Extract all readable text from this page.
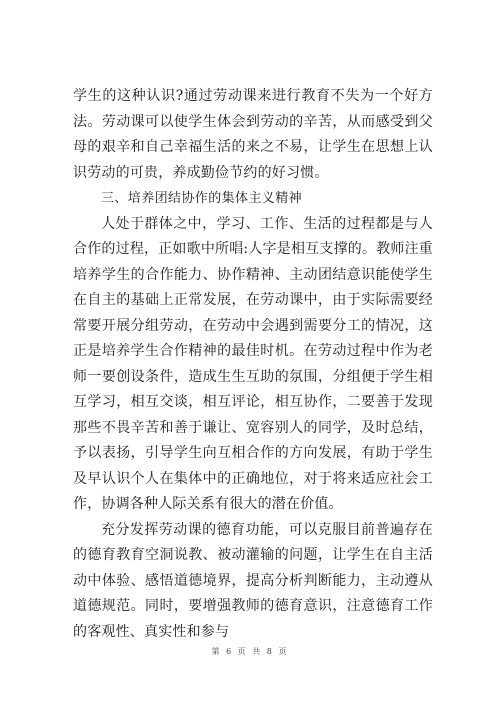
学生的这种认识?通过劳动课来进行教育不失为一个好方法。劳动课可以使学生体会到劳动的辛苦，从而感受到父母的艰辛和自己幸福生活的来之不易，让学生在思想上认识劳动的可贵，养成勤俭节约的好习惯。

三、培养团结协作的集体主义精神

人处于群体之中，学习、工作、生活的过程都是与人合作的过程，正如歌中所唱:人字是相互支撑的。教师注重培养学生的合作能力、协作精神、主动团结意识能使学生在自主的基础上正常发展，在劳动课中，由于实际需要经常要开展分组劳动，在劳动中会遇到需要分工的情况，这正是培养学生合作精神的最佳时机。在劳动过程中作为老师一要创设条件，造成生生互助的氛围，分组便于学生相互学习，相互交谈，相互评论，相互协作，二要善于发现那些不畏辛苦和善于谦让、宽容别人的同学，及时总结，予以表扬，引导学生向互相合作的方向发展，有助于学生及早认识个人在集体中的正确地位，对于将来适应社会工作，协调各种人际关系有很大的潜在价值。

充分发挥劳动课的德育功能，可以克服目前普遍存在的德育教育空洞说教、被动灌输的问题，让学生在自主活动中体验、感悟道德境界，提高分析判断能力，主动遵从道德规范。同时，要增强教师的德育意识，注意德育工作的客观性、真实性和参与

第 6 页 共 8 页
